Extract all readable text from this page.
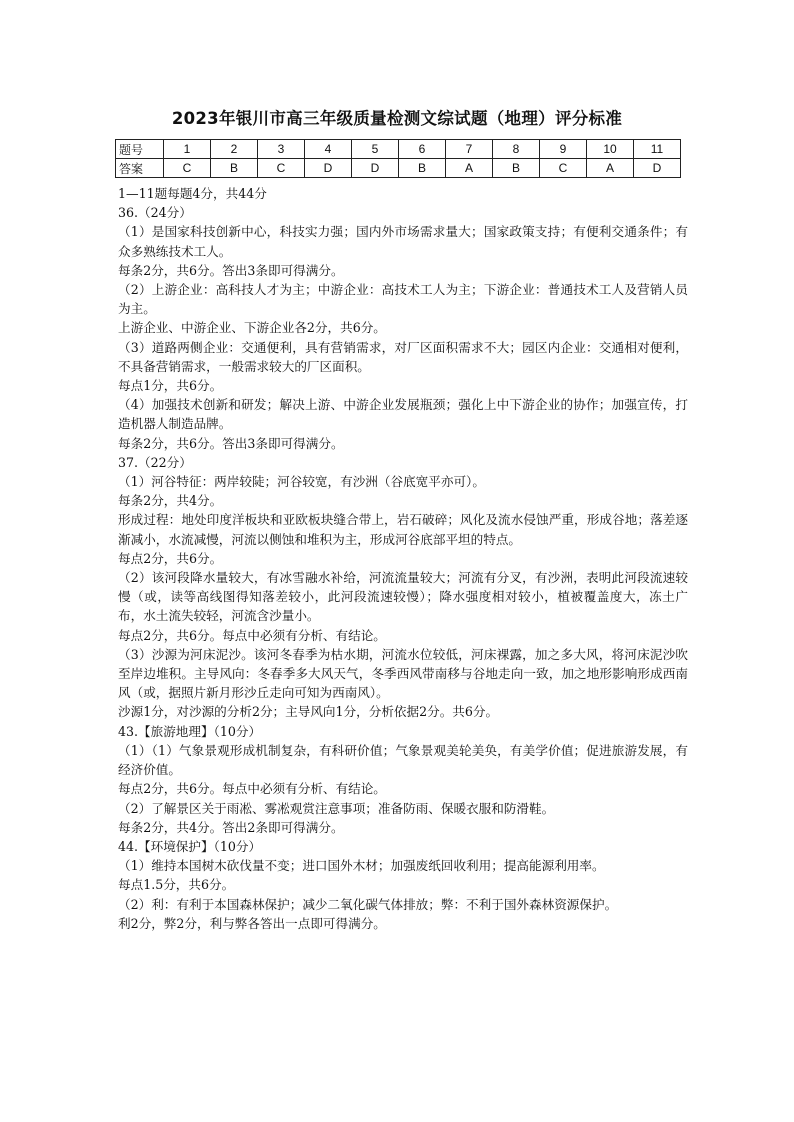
2023年银川市高三年级质量检测文综试题（地理）评分标准
题号	1	2	3	4	5	6	7	8	9	10	11
答案	C	B	C	D	D	B	A	B	C	A	D

1—11题每题4分，共44分

36.（24分）

（1）是国家科技创新中心，科技实力强；国内外市场需求量大；国家政策支持；有便利交通条件；有众多熟练技术工人。

每条2分，共6分。答出3条即可得满分。

（2）上游企业：高科技人才为主；中游企业：高技术工人为主；下游企业：普通技术工人及营销人员为主。

上游企业、中游企业、下游企业各2分，共6分。

（3）道路两侧企业：交通便利，具有营销需求，对厂区面积需求不大；园区内企业：交通相对便利，不具备营销需求，一般需求较大的厂区面积。

每点1分，共6分。

（4）加强技术创新和研发；解决上游、中游企业发展瓶颈；强化上中下游企业的协作；加强宣传，打造机器人制造品牌。

每条2分，共6分。答出3条即可得满分。

37.（22分）

（1）河谷特征：两岸较陡；河谷较宽，有沙洲（谷底宽平亦可）。

每条2分，共4分。

形成过程：地处印度洋板块和亚欧板块缝合带上，岩石破碎；风化及流水侵蚀严重，形成谷地；落差逐渐减小，水流减慢，河流以侧蚀和堆积为主，形成河谷底部平坦的特点。

每点2分，共6分。

（2）该河段降水量较大，有冰雪融水补给，河流流量较大；河流有分叉，有沙洲，表明此河段流速较慢（或，读等高线图得知落差较小，此河段流速较慢）；降水强度相对较小，植被覆盖度大，冻土广布，水土流失较轻，河流含沙量小。

每点2分，共6分。每点中必须有分析、有结论。

（3）沙源为河床泥沙。该河冬春季为枯水期，河流水位较低，河床裸露，加之多大风，将河床泥沙吹至岸边堆积。主导风向：冬春季多大风天气，冬季西风带南移与谷地走向一致，加之地形影响形成西南风（或，据照片新月形沙丘走向可知为西南风）。

沙源1分，对沙源的分析2分；主导风向1分，分析依据2分。共6分。

43.【旅游地理】（10分）

（1）（1）气象景观形成机制复杂，有科研价值；气象景观美轮美奂，有美学价值；促进旅游发展，有经济价值。

每点2分，共6分。每点中必须有分析、有结论。

（2）了解景区关于雨凇、雾凇观赏注意事项；准备防雨、保暖衣服和防滑鞋。

每条2分，共4分。答出2条即可得满分。

44.【环境保护】（10分）

（1）维持本国树木砍伐量不变；进口国外木材；加强废纸回收利用；提高能源利用率。

每点1.5分，共6分。

（2）利：有利于本国森林保护；减少二氧化碳气体排放；弊：不利于国外森林资源保护。

利2分，弊2分，利与弊各答出一点即可得满分。
